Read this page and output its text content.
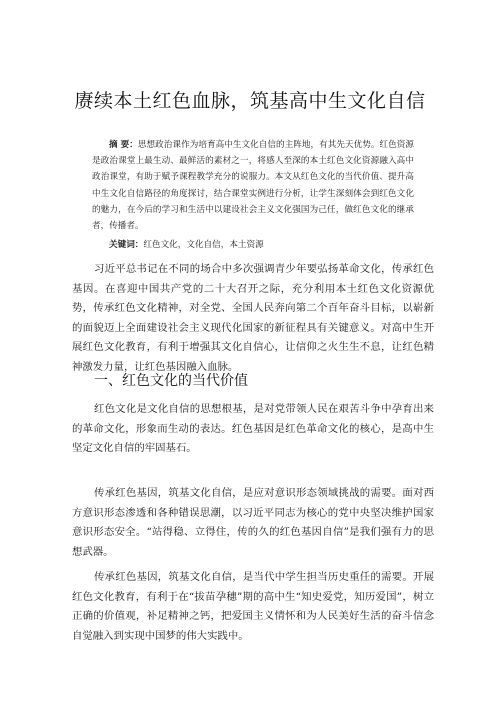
赓续本土红色血脉，筑基高中生文化自信
摘 要：思想政治课作为培育高中生文化自信的主阵地，有其先天优势。红色资源是政治课堂上最生动、最鲜活的素材之一，将感人至深的本土红色文化资源融入高中政治课堂，有助于赋予课程教学充分的说服力。本文从红色文化的当代价值、提升高中生文化自信路径的角度探讨，结合课堂实例进行分析，让学生深刻体会到红色文化的魅力，在今后的学习和生活中以建设社会主义文化强国为己任，做红色文化的继承者，传播者。
关键词：红色文化，文化自信，本土资源

习近平总书记在不同的场合中多次强调青少年要弘扬革命文化，传承红色基因。在喜迎中国共产党的二十大召开之际，充分利用本土红色文化资源优势，传承红色文化精神，对全党、全国人民奔向第二个百年奋斗目标，以崭新的面貌迈上全面建设社会主义现代化国家的新征程具有关键意义。对高中生开展红色文化教育，有利于增强其文化自信心，让信仰之火生生不息，让红色精神激发力量，让红色基因融入血脉。

一、红色文化的当代价值

红色文化是文化自信的思想根基，是对党带领人民在艰苦斗争中孕育出来的革命文化，形象而生动的表达。红色基因是红色革命文化的核心，是高中生坚定文化自信的牢固基石。

传承红色基因，筑基文化自信，是应对意识形态领域挑战的需要。面对西方意识形态渗透和各种错误思潮，以习近平同志为核心的党中央坚决维护国家意识形态安全。“站得稳、立得住，传的久的红色基因自信”是我们强有力的思想武器。

传承红色基因，筑基文化自信，是当代中学生担当历史重任的需要。开展红色文化教育，有利于在“拔苗孕穗”期的高中生“知史爱党，知历爱国”，树立正确的价值观，补足精神之钙，把爱国主义情怀和为人民美好生活的奋斗信念自觉融入到实现中国梦的伟大实践中。
